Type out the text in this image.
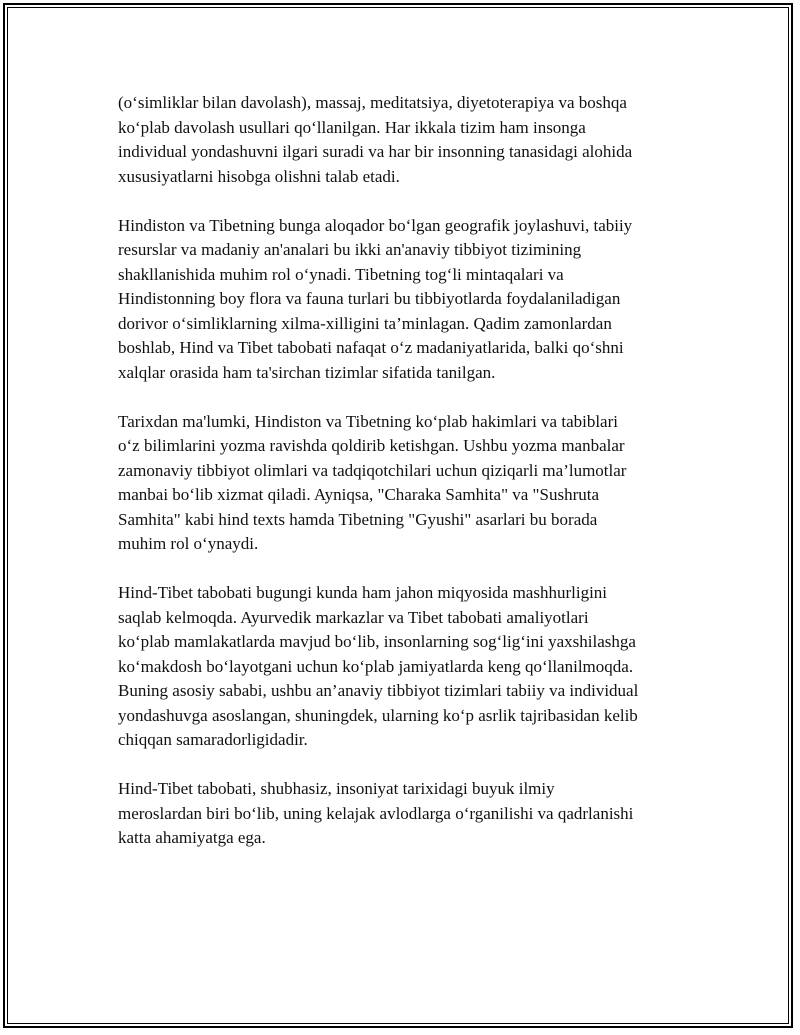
(o‘simliklar bilan davolash), massaj, meditatsiya, diyetoterapiya va boshqa
ko‘plab davolash usullari qo‘llanilgan. Har ikkala tizim ham insonga
individual yondashuvni ilgari suradi va har bir insonning tanasidagi alohida
xususiyatlarni hisobga olishni talab etadi.

Hindiston va Tibetning bunga aloqador bo‘lgan geografik joylashuvi, tabiiy
resurslar va madaniy an'analari bu ikki an'anaviy tibbiyot tizimining
shakllanishida muhim rol o‘ynadi. Tibetning tog‘li mintaqalari va
Hindistonning boy flora va fauna turlari bu tibbiyotlarda foydalaniladigan
dorivor o‘simliklarning xilma-xilligini ta’minlagan. Qadim zamonlardan
boshlab, Hind va Tibet tabobati nafaqat o‘z madaniyatlarida, balki qo‘shni
xalqlar orasida ham ta'sirchan tizimlar sifatida tanilgan.

Tarixdan ma'lumki, Hindiston va Tibetning ko‘plab hakimlari va tabiblari
o‘z bilimlarini yozma ravishda qoldirib ketishgan. Ushbu yozma manbalar
zamonaviy tibbiyot olimlari va tadqiqotchilari uchun qiziqarli ma’lumotlar
manbai bo‘lib xizmat qiladi. Ayniqsa, "Charaka Samhita" va "Sushruta
Samhita" kabi hind texts hamda Tibetning "Gyushi" asarlari bu borada
muhim rol o‘ynaydi.

Hind-Tibet tabobati bugungi kunda ham jahon miqyosida mashhurligini
saqlab kelmoqda. Ayurvedik markazlar va Tibet tabobati amaliyotlari
ko‘plab mamlakatlarda mavjud bo‘lib, insonlarning sog‘lig‘ini yaxshilashga
ko‘makdosh bo‘layotgani uchun ko‘plab jamiyatlarda keng qo‘llanilmoqda.
Buning asosiy sababi, ushbu an’anaviy tibbiyot tizimlari tabiiy va individual
yondashuvga asoslangan, shuningdek, ularning ko‘p asrlik tajribasidan kelib
chiqqan samaradorligidadir.

Hind-Tibet tabobati, shubhasiz, insoniyat tarixidagi buyuk ilmiy
meroslardan biri bo‘lib, uning kelajak avlodlarga o‘rganilishi va qadrlanishi
katta ahamiyatga ega.
